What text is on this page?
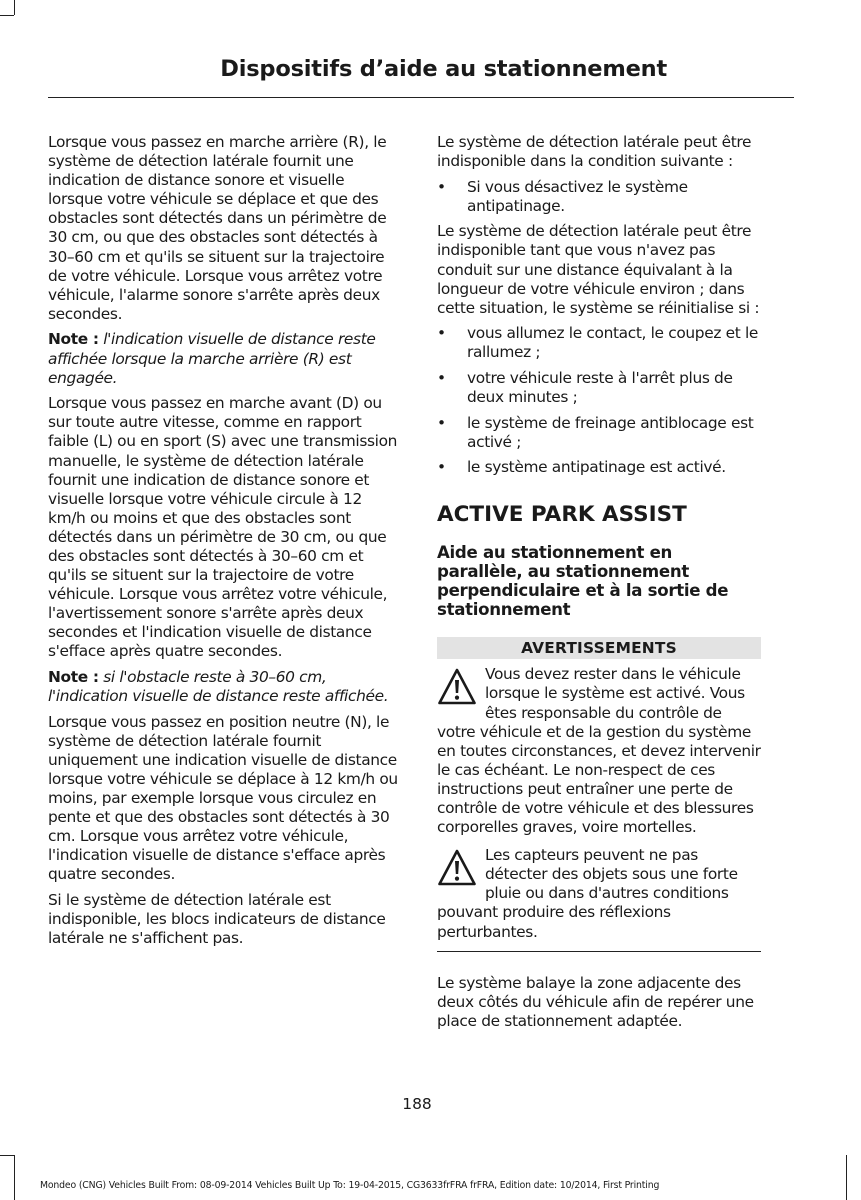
Dispositifs d’aide au stationnement

Lorsque vous passez en marche arrière (R), le système de détection latérale fournit une indication de distance sonore et visuelle lorsque votre véhicule se déplace et que des obstacles sont détectés dans un périmètre de 30 cm, ou que des obstacles sont détectés à 30–60 cm et qu'ils se situent sur la trajectoire de votre véhicule. Lorsque vous arrêtez votre véhicule, l'alarme sonore s'arrête après deux secondes.

Note : l'indication visuelle de distance reste affichée lorsque la marche arrière (R) est engagée.

Lorsque vous passez en marche avant (D) ou sur toute autre vitesse, comme en rapport faible (L) ou en sport (S) avec une transmission manuelle, le système de détection latérale fournit une indication de distance sonore et visuelle lorsque votre véhicule circule à 12 km/h ou moins et que des obstacles sont détectés dans un périmètre de 30 cm, ou que des obstacles sont détectés à 30–60 cm et qu'ils se situent sur la trajectoire de votre véhicule. Lorsque vous arrêtez votre véhicule, l'avertissement sonore s'arrête après deux secondes et l'indication visuelle de distance s'efface après quatre secondes.

Note : si l'obstacle reste à 30–60 cm, l'indication visuelle de distance reste affichée.

Lorsque vous passez en position neutre (N), le système de détection latérale fournit uniquement une indication visuelle de distance lorsque votre véhicule se déplace à 12 km/h ou moins, par exemple lorsque vous circulez en pente et que des obstacles sont détectés à 30 cm. Lorsque vous arrêtez votre véhicule, l'indication visuelle de distance s'efface après quatre secondes.

Si le système de détection latérale est indisponible, les blocs indicateurs de distance latérale ne s'affichent pas.

Le système de détection latérale peut être indisponible dans la condition suivante :

• Si vous désactivez le système antipatinage.

Le système de détection latérale peut être indisponible tant que vous n'avez pas conduit sur une distance équivalant à la longueur de votre véhicule environ ; dans cette situation, le système se réinitialise si :

• vous allumez le contact, le coupez et le rallumez ;
• votre véhicule reste à l'arrêt plus de deux minutes ;
• le système de freinage antiblocage est activé ;
• le système antipatinage est activé.
ACTIVE PARK ASSIST
Aide au stationnement en parallèle, au stationnement perpendiculaire et à la sortie de stationnement
AVERTISSEMENTS
Vous devez rester dans le véhicule lorsque le système est activé. Vous êtes responsable du contrôle de votre véhicule et de la gestion du système en toutes circonstances, et devez intervenir le cas échéant. Le non-respect de ces instructions peut entraîner une perte de contrôle de votre véhicule et des blessures corporelles graves, voire mortelles.
Les capteurs peuvent ne pas détecter des objets sous une forte pluie ou dans d'autres conditions pouvant produire des réflexions perturbantes.

Le système balaye la zone adjacente des deux côtés du véhicule afin de repérer une place de stationnement adaptée.

188
Mondeo (CNG) Vehicles Built From: 08-09-2014 Vehicles Built Up To: 19-04-2015, CG3633frFRA frFRA, Edition date: 10/2014, First Printing
